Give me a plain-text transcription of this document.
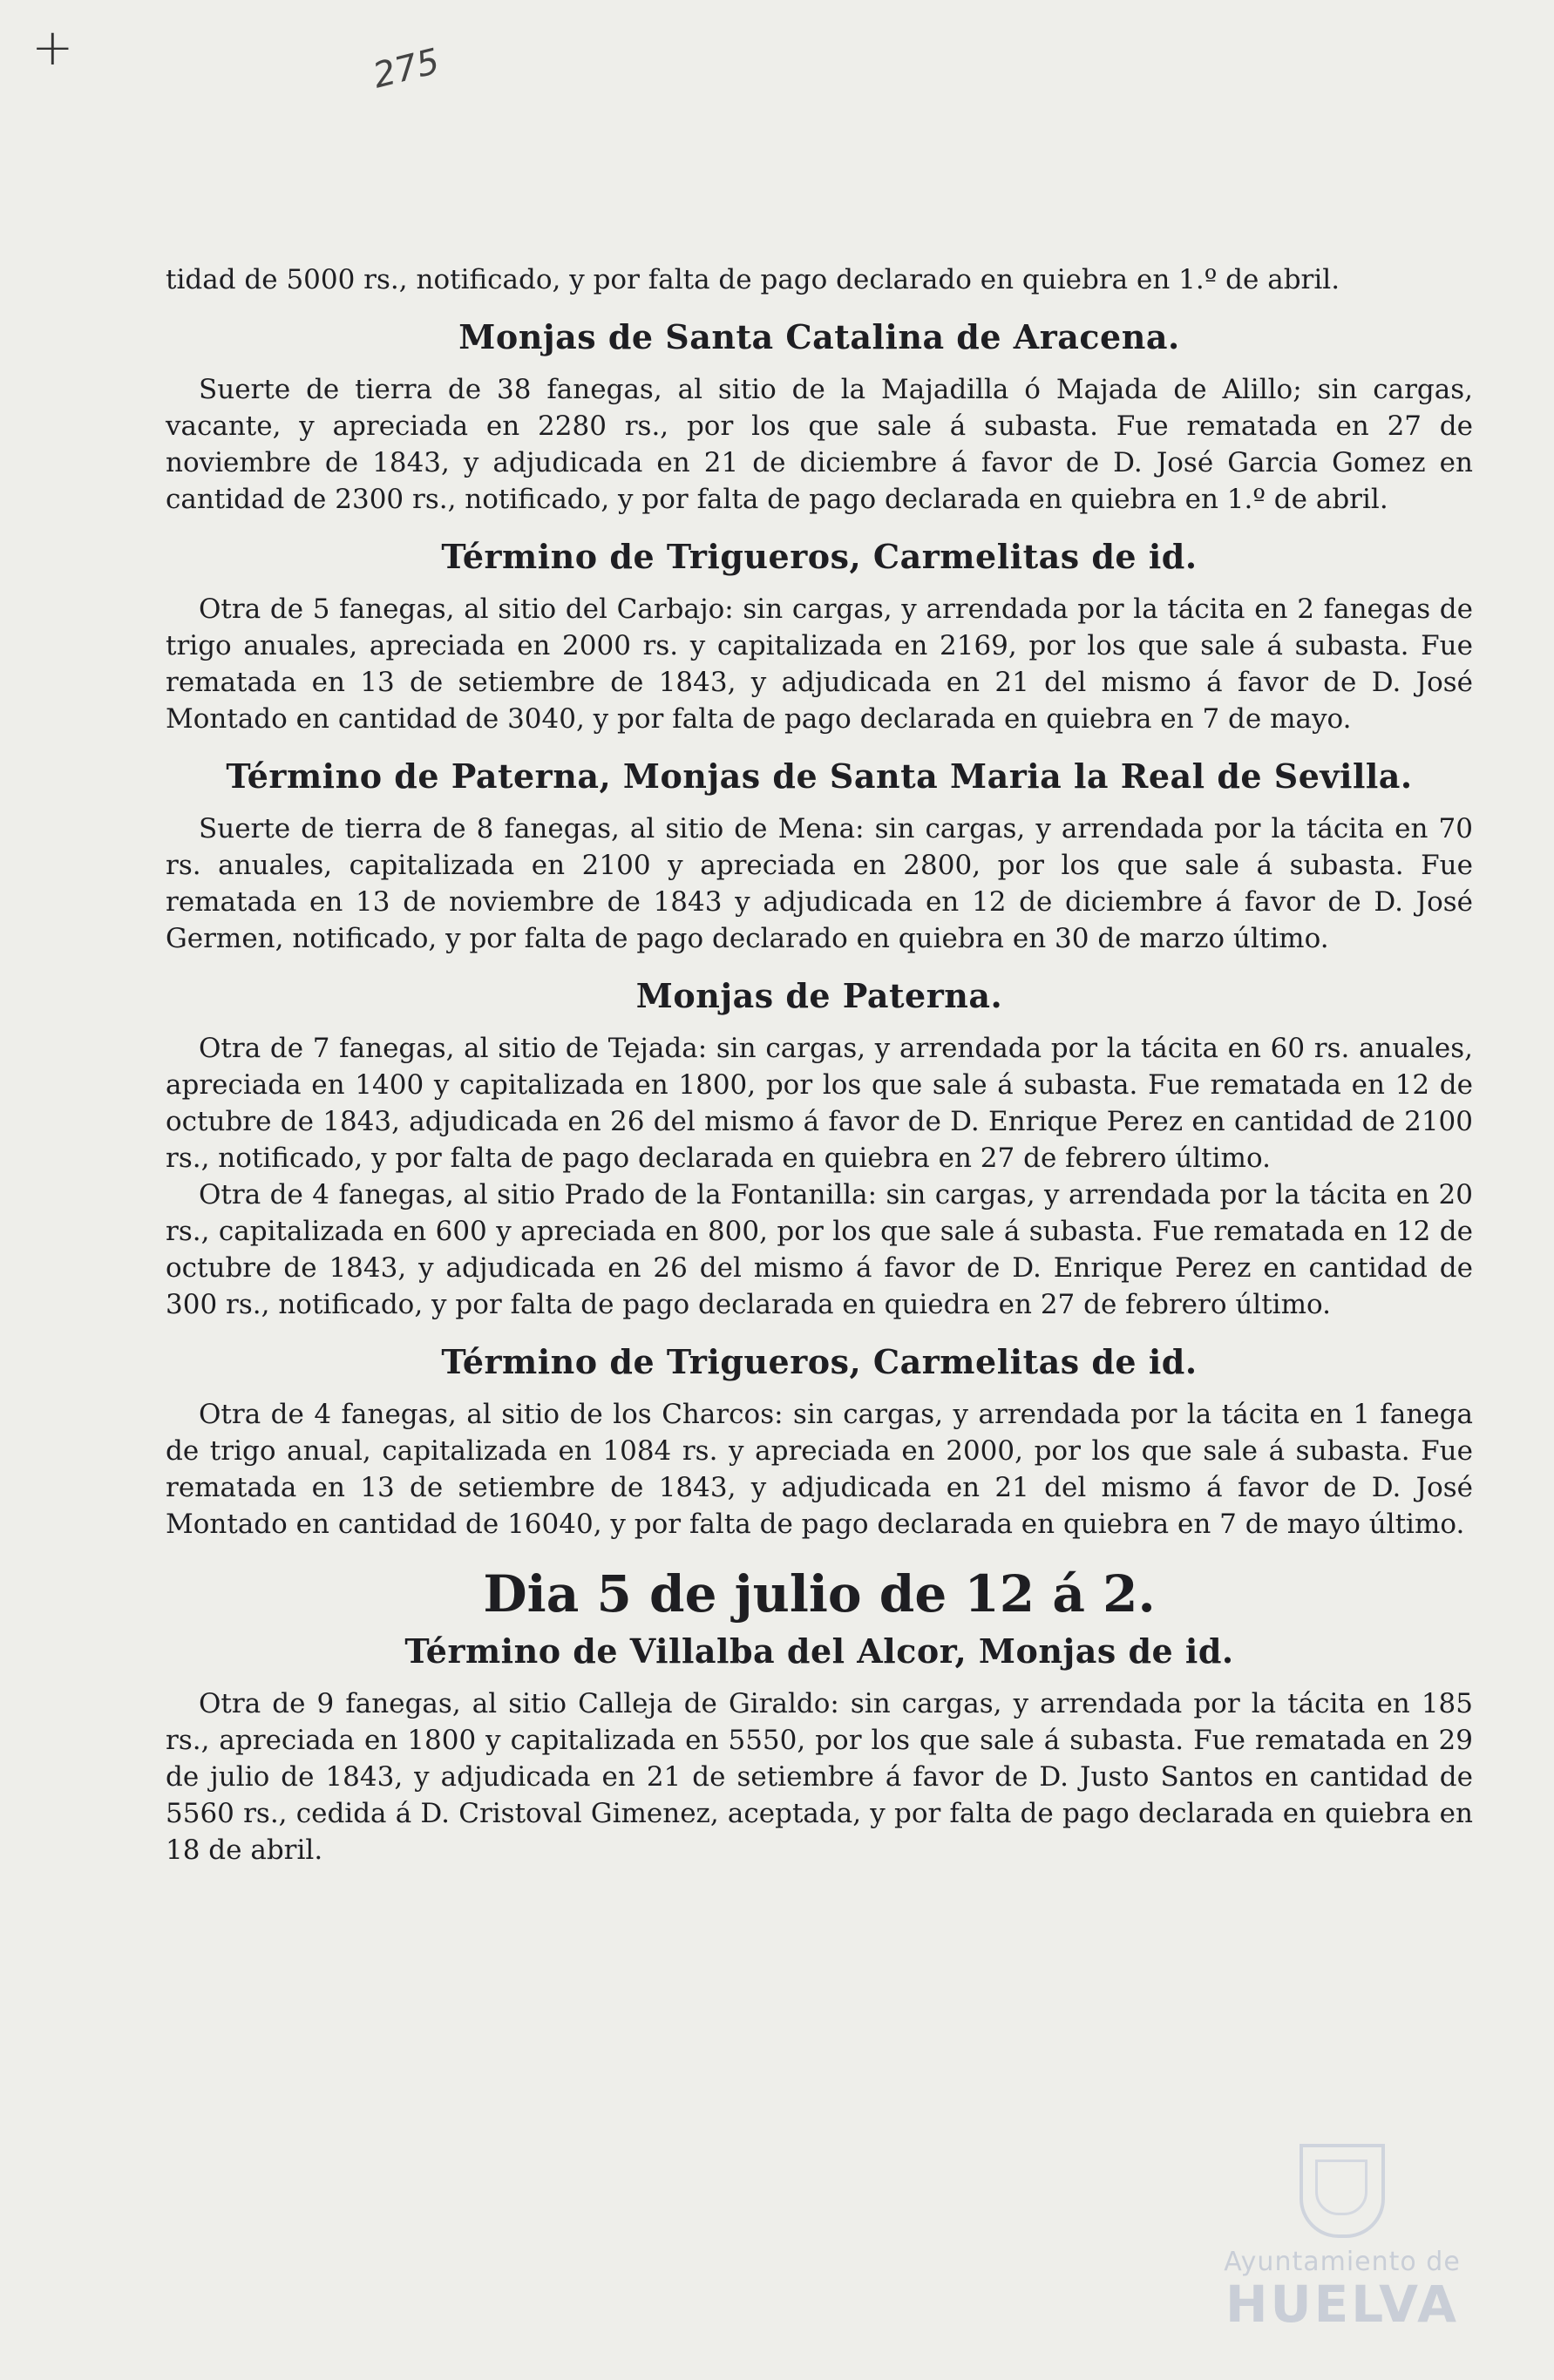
+	275
tidad de 5000 rs., notificado, y por falta de pago declarado en quiebra en 1.º de abril.
Monjas de Santa Catalina de Aracena.
Suerte de tierra de 38 fanegas, al sitio de la Majadilla ó Majada de Alillo; sin cargas, vacante, y apreciada en 2280 rs., por los que sale á subasta. Fue rematada en 27 de noviembre de 1843, y adjudicada en 21 de diciembre á favor de D. José Garcia Gomez en cantidad de 2300 rs., notificado, y por falta de pago declarada en quiebra en 1.º de abril.
Término de Trigueros, Carmelitas de id.
Otra de 5 fanegas, al sitio del Carbajo: sin cargas, y arrendada por la tácita en 2 fanegas de trigo anuales, apreciada en 2000 rs. y capitalizada en 2169, por los que sale á subasta. Fue rematada en 13 de setiembre de 1843, y adjudicada en 21 del mismo á favor de D. José Montado en cantidad de 3040, y por falta de pago declarada en quiebra en 7 de mayo.
Término de Paterna, Monjas de Santa Maria la Real de Sevilla.
Suerte de tierra de 8 fanegas, al sitio de Mena: sin cargas, y arrendada por la tácita en 70 rs. anuales, capitalizada en 2100 y apreciada en 2800, por los que sale á subasta. Fue rematada en 13 de noviembre de 1843 y adjudicada en 12 de diciembre á favor de D. José Germen, notificado, y por falta de pago declarado en quiebra en 30 de marzo último.
Monjas de Paterna.
Otra de 7 fanegas, al sitio de Tejada: sin cargas, y arrendada por la tácita en 60 rs. anuales, apreciada en 1400 y capitalizada en 1800, por los que sale á subasta. Fue rematada en 12 de octubre de 1843, adjudicada en 26 del mismo á favor de D. Enrique Perez en cantidad de 2100 rs., notificado, y por falta de pago declarada en quiebra en 27 de febrero último.
Otra de 4 fanegas, al sitio Prado de la Fontanilla: sin cargas, y arrendada por la tácita en 20 rs., capitalizada en 600 y apreciada en 800, por los que sale á subasta. Fue rematada en 12 de octubre de 1843, y adjudicada en 26 del mismo á favor de D. Enrique Perez en cantidad de 300 rs., notificado, y por falta de pago declarada en quiedra en 27 de febrero último.
Término de Trigueros, Carmelitas de id.
Otra de 4 fanegas, al sitio de los Charcos: sin cargas, y arrendada por la tácita en 1 fanega de trigo anual, capitalizada en 1084 rs. y apreciada en 2000, por los que sale á subasta. Fue rematada en 13 de setiembre de 1843, y adjudicada en 21 del mismo á favor de D. José Montado en cantidad de 16040, y por falta de pago declarada en quiebra en 7 de mayo último.
Dia 5 de julio de 12 á 2.
Término de Villalba del Alcor, Monjas de id.
Otra de 9 fanegas, al sitio Calleja de Giraldo: sin cargas, y arrendada por la tácita en 185 rs., apreciada en 1800 y capitalizada en 5550, por los que sale á subasta. Fue rematada en 29 de julio de 1843, y adjudicada en 21 de setiembre á favor de D. Justo Santos en cantidad de 5560 rs., cedida á D. Cristoval Gimenez, aceptada, y por falta de pago declarada en quiebra en 18 de abril.
Ayuntamiento de
HUELVA
